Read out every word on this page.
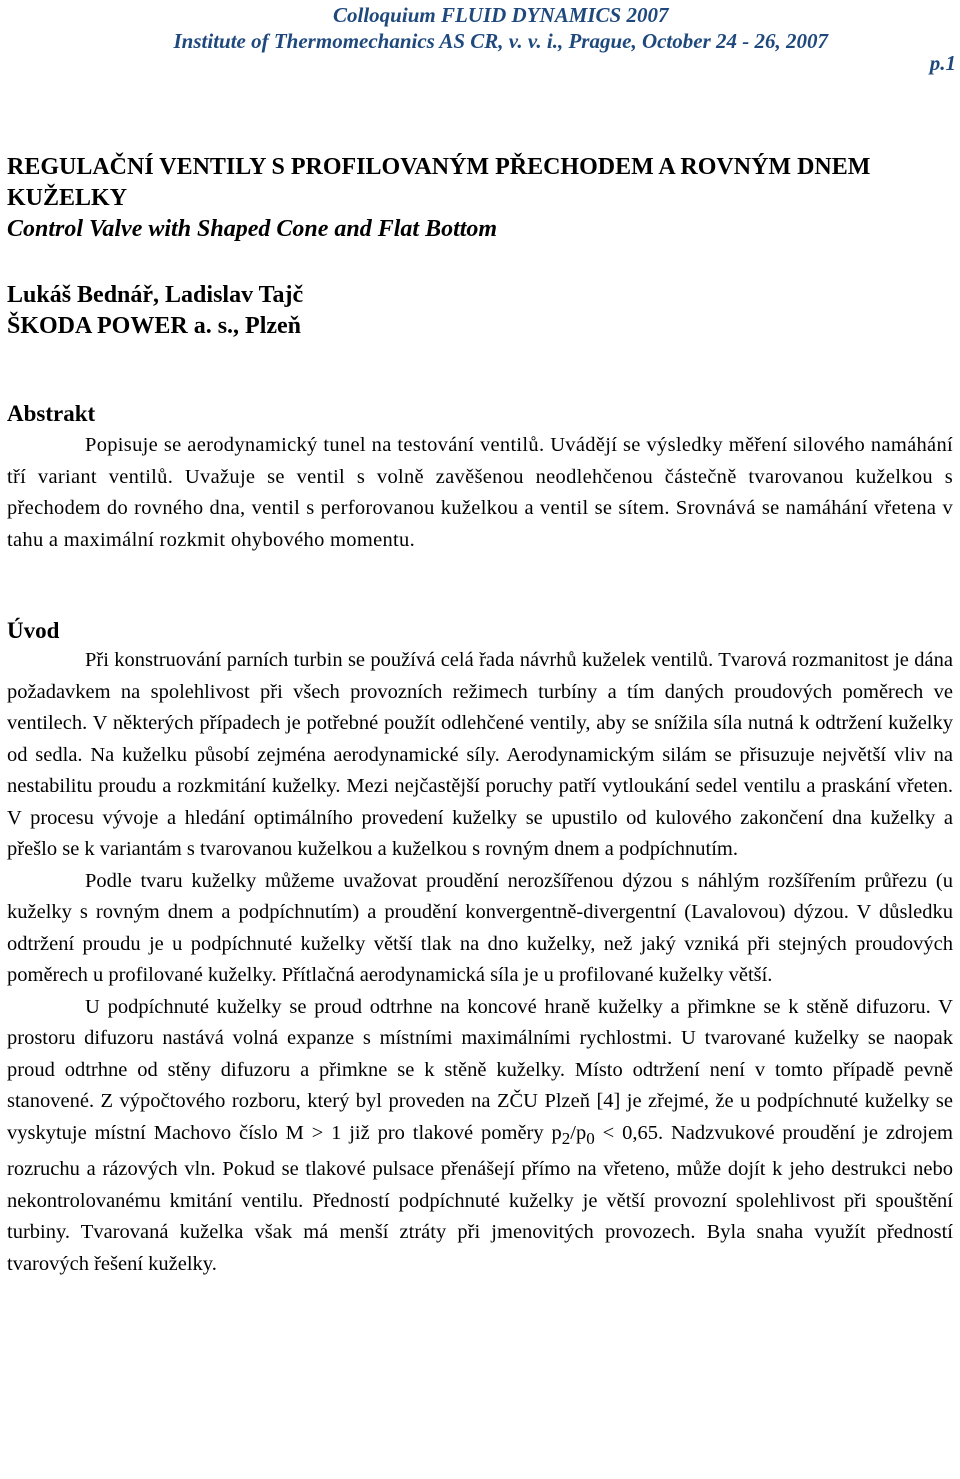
Colloquium FLUID DYNAMICS 2007
Institute of Thermomechanics AS CR, v. v. i., Prague, October 24 - 26, 2007
p.1
REGULAČNÍ VENTILY S PROFILOVANÝM PŘECHODEM A ROVNÝM DNEM KUŽELKY
Control Valve with Shaped Cone and Flat Bottom
Lukáš Bednář, Ladislav Tajč
ŠKODA POWER a. s., Plzeň
Abstrakt

Popisuje se aerodynamický tunel na testování ventilů. Uvádějí se výsledky měření silového namáhání tří variant ventilů. Uvažuje se ventil s volně zavěšenou neodlehčenou částečně tvarovanou kuželkou s přechodem do rovného dna, ventil s perforovanou kuželkou a ventil se sítem. Srovnává se namáhání vřetena v tahu a maximální rozkmit ohybového momentu.

Úvod

Při konstruování parních turbin se používá celá řada návrhů kuželek ventilů. Tvarová rozmanitost je dána požadavkem na spolehlivost při všech provozních režimech turbíny a tím daných proudových poměrech ve ventilech. V některých případech je potřebné použít odlehčené ventily, aby se snížila síla nutná k odtržení kuželky od sedla. Na kuželku působí zejména aerodynamické síly. Aerodynamickým silám se přisuzuje největší vliv na nestabilitu proudu a rozkmitání kuželky. Mezi nejčastější poruchy patří vytloukání sedel ventilu a praskání vřeten. V procesu vývoje a hledání optimálního provedení kuželky se upustilo od kulového zakončení dna kuželky a přešlo se k variantám s tvarovanou kuželkou a kuželkou s rovným dnem a podpíchnutím.

Podle tvaru kuželky můžeme uvažovat proudění nerozšířenou dýzou s náhlým rozšířením průřezu (u kuželky s rovným dnem a podpíchnutím) a proudění konvergentně-divergentní (Lavalovou) dýzou. V důsledku odtržení proudu je u podpíchnuté kuželky větší tlak na dno kuželky, než jaký vzniká při stejných proudových poměrech u profilované kuželky. Přítlačná aerodynamická síla je u profilované kuželky větší.

U podpíchnuté kuželky se proud odtrhne na koncové hraně kuželky a přimkne se k stěně difuzoru. V prostoru difuzoru nastává volná expanze s místními maximálními rychlostmi. U tvarované kuželky se naopak proud odtrhne od stěny difuzoru a přimkne se k stěně kuželky. Místo odtržení není v tomto případě pevně stanovené. Z výpočtového rozboru, který byl proveden na ZČU Plzeň [4] je zřejmé, že u podpíchnuté kuželky se vyskytuje místní Machovo číslo M > 1 již pro tlakové poměry $p_2/p_0 < 0,65$. Nadzvukové proudění je zdrojem rozruchu a rázových vln. Pokud se tlakové pulsace přenášejí přímo na vřeteno, může dojít k jeho destrukci nebo nekontrolovanému kmitání ventilu. Předností podpíchnuté kuželky je větší provozní spolehlivost při spouštění turbiny. Tvarovaná kuželka však má menší ztráty při jmenovitých provozech. Byla snaha využít předností tvarových řešení kuželky.
